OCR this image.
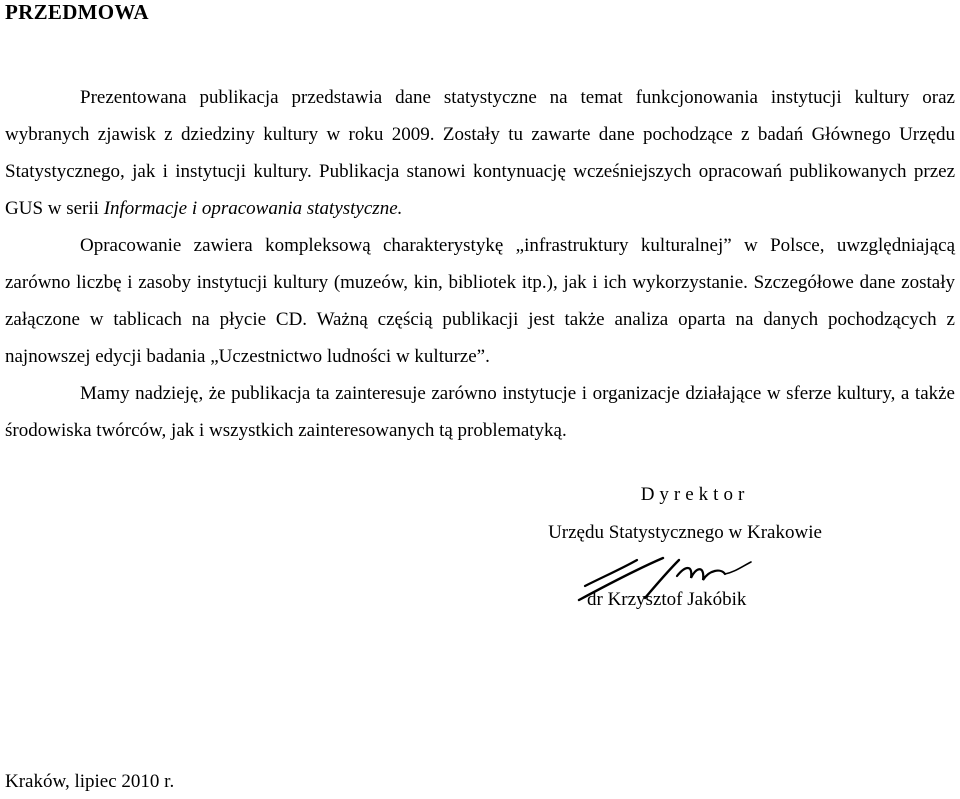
PRZEDMOWA

Prezentowana publikacja przedstawia dane statystyczne na temat funkcjonowania instytucji kultury oraz wybranych zjawisk z dziedziny kultury w roku 2009. Zostały tu zawarte dane pochodzące z badań Głównego Urzędu Statystycznego, jak i instytucji kultury. Publikacja stanowi kontynuację wcześniejszych opracowań publikowanych przez GUS w serii Informacje i opracowania statystyczne.

Opracowanie zawiera kompleksową charakterystykę „infrastruktury kulturalnej” w Polsce, uwzględniającą zarówno liczbę i zasoby instytucji kultury (muzeów, kin, bibliotek itp.), jak i ich wykorzystanie. Szczegółowe dane zostały załączone w tablicach na płycie CD. Ważną częścią publikacji jest także analiza oparta na danych pochodzących z najnowszej edycji badania „Uczestnictwo ludności w kulturze”.

Mamy nadzieję, że publikacja ta zainteresuje zarówno instytucje i organizacje działające w sferze kultury, a także środowiska twórców, jak i wszystkich zainteresowanych tą problematyką.

Dyrektor
Urzędu Statystycznego w Krakowie
dr Krzysztof Jakóbik
Kraków, lipiec 2010 r.
